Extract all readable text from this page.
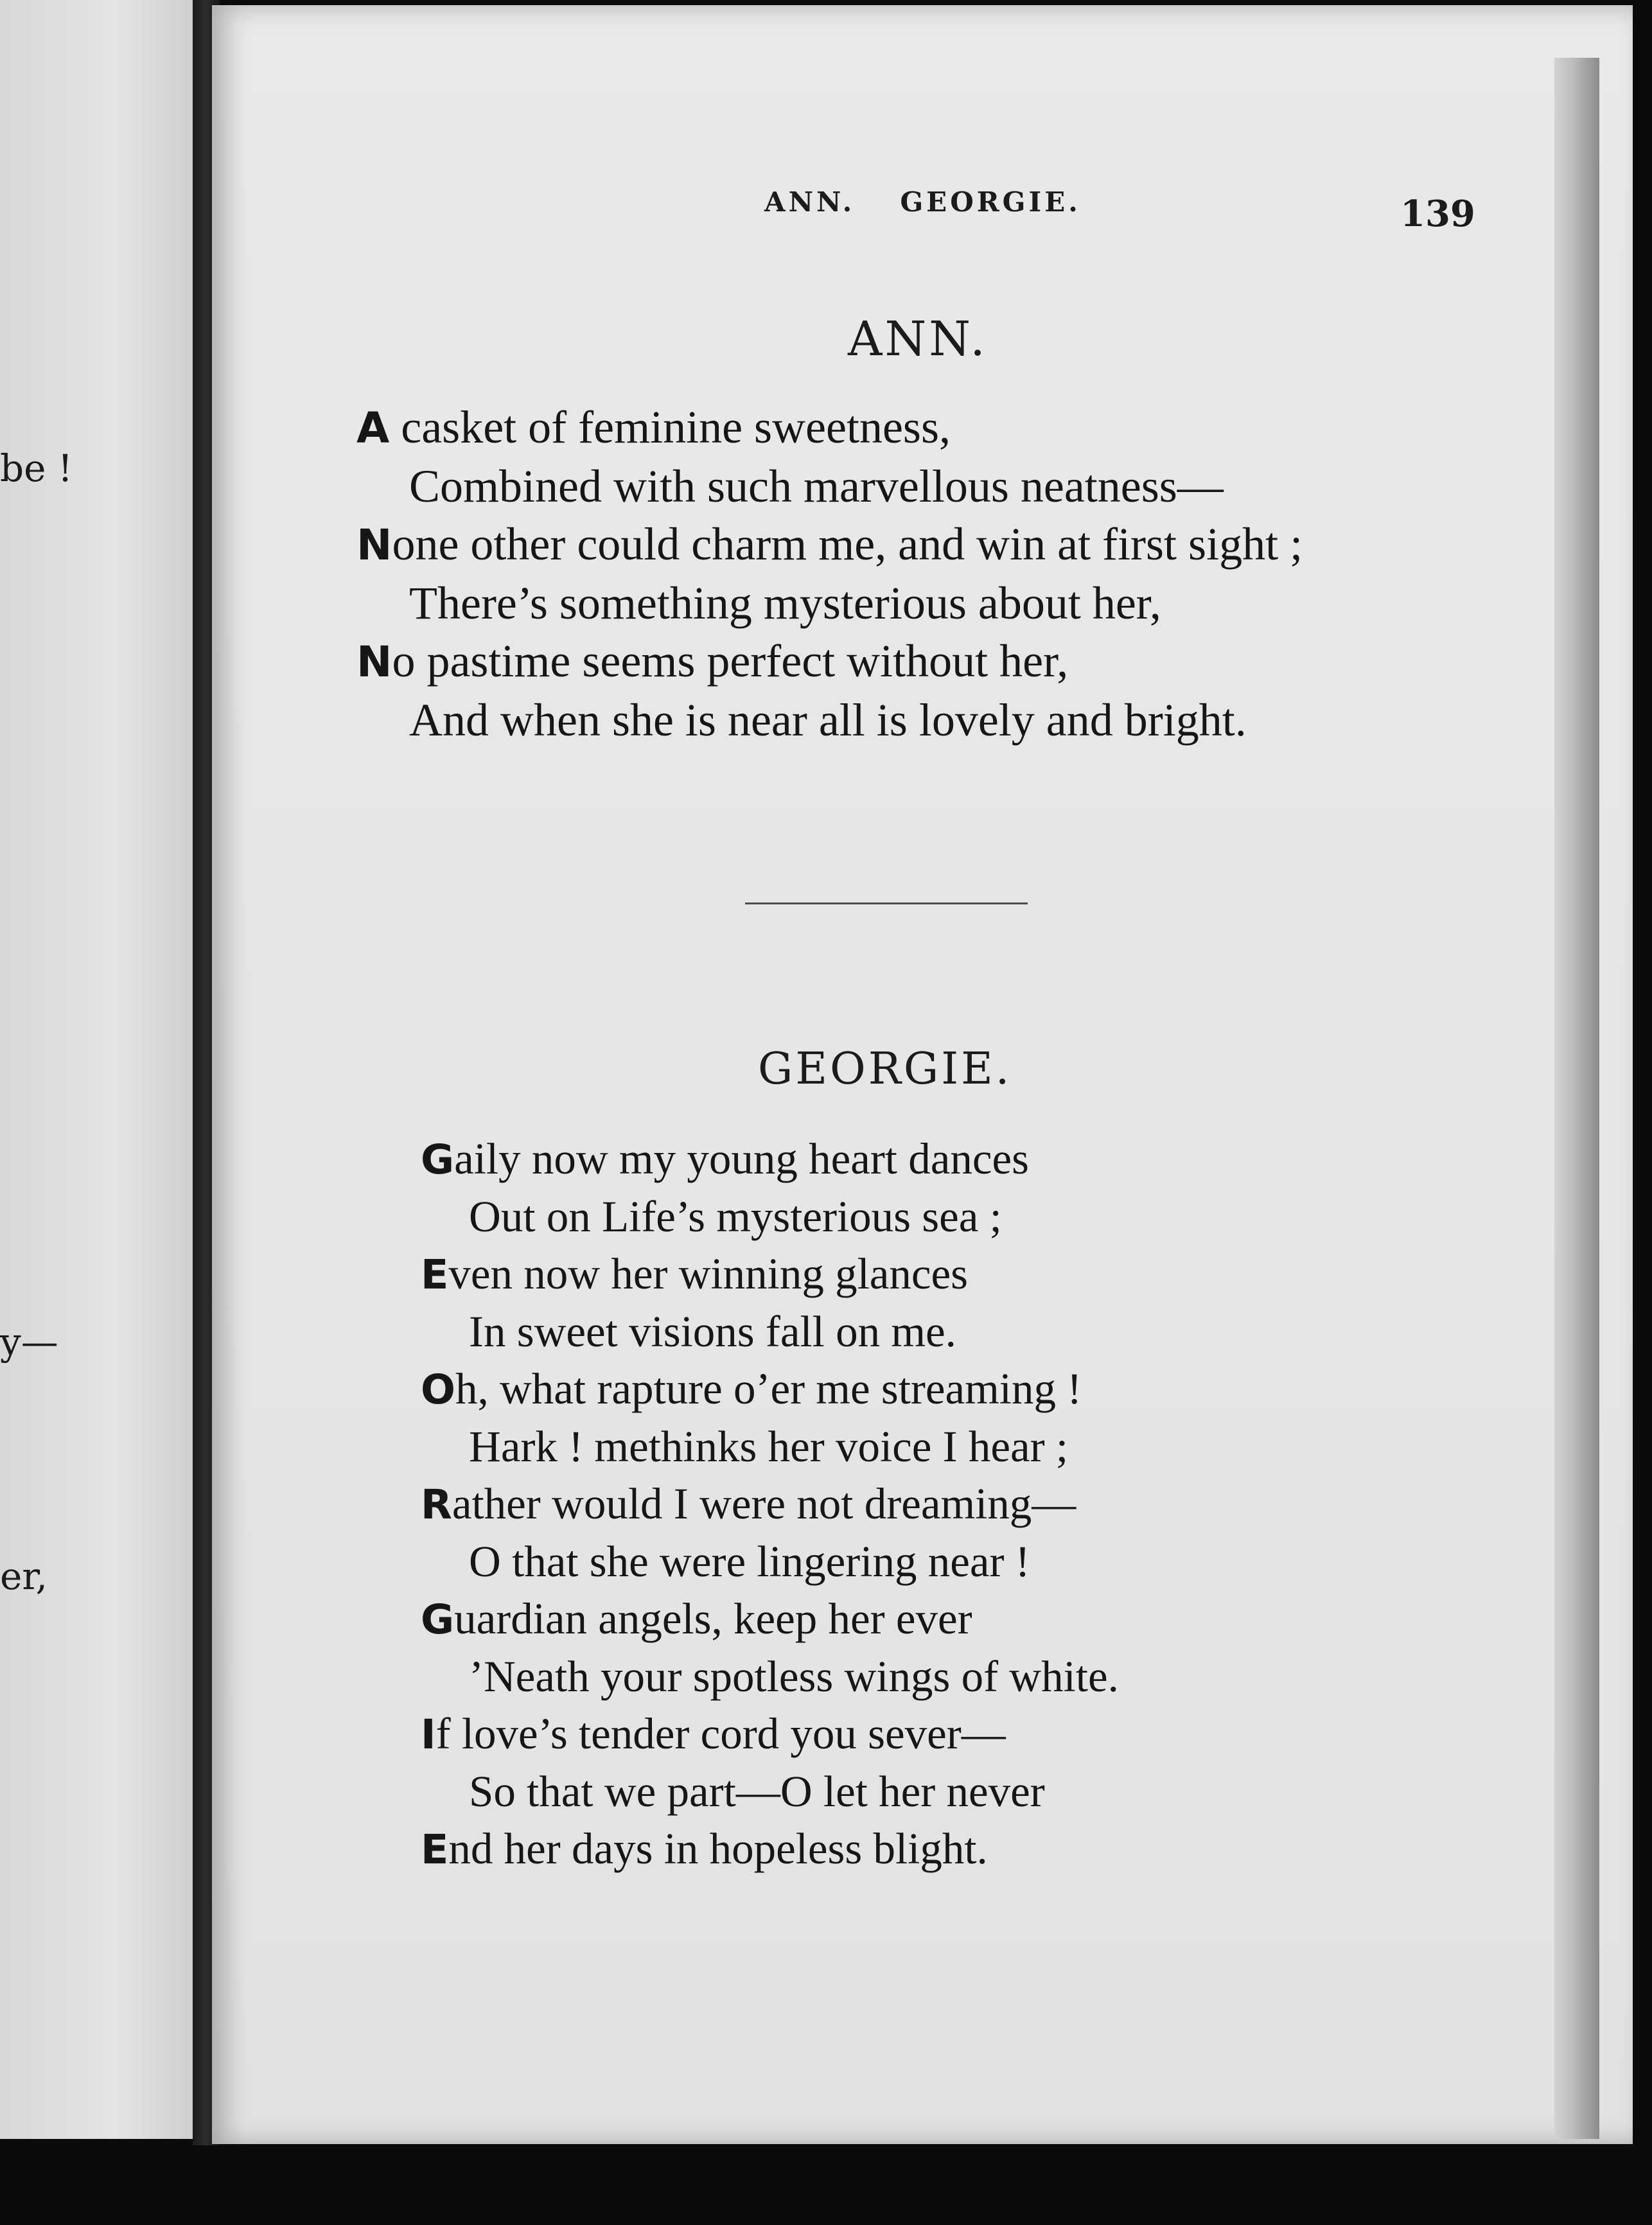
be !
y—
er,
ANN. GEORGIE.	139
ANN.
A casket of feminine sweetness,
Combined with such marvellous neatness—
None other could charm me, and win at first sight ;
There’s something mysterious about her,
No pastime seems perfect without her,
And when she is near all is lovely and bright.
GEORGIE.
Gaily now my young heart dances
Out on Life’s mysterious sea ;
Even now her winning glances
In sweet visions fall on me.
Oh, what rapture o’er me streaming !
Hark ! methinks her voice I hear ;
Rather would I were not dreaming—
O that she were lingering near !
Guardian angels, keep her ever
’Neath your spotless wings of white.
If love’s tender cord you sever—
So that we part—O let her never
End her days in hopeless blight.
